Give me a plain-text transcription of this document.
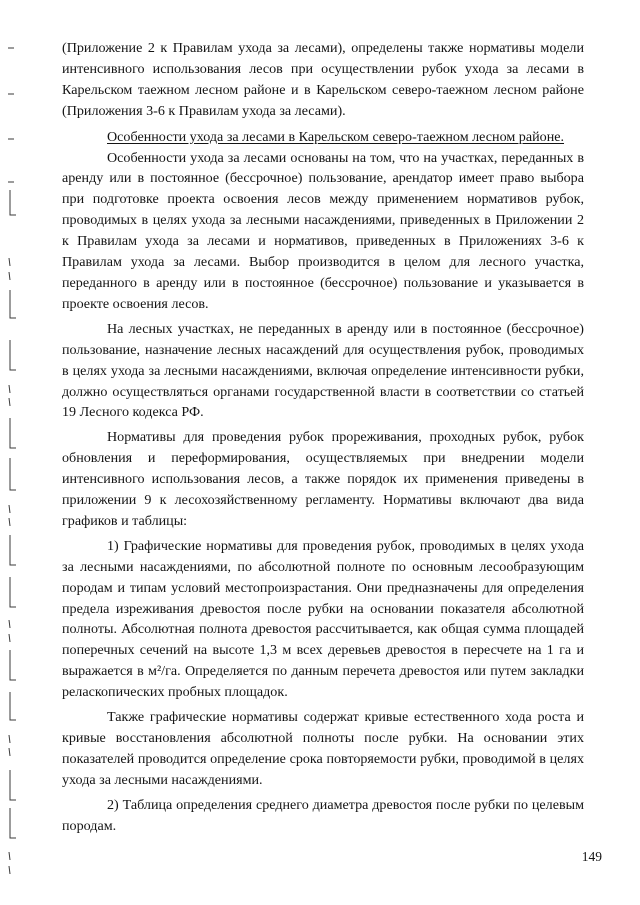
(Приложение 2 к Правилам ухода за лесами), определены также нормативы модели интенсивного использования лесов при осуществлении рубок ухода за лесами в Карельском таежном лесном районе и в Карельском северо-таежном лесном районе (Приложения 3-6 к Правилам ухода за лесами).

Особенности ухода за лесами в Карельском северо-таежном лесном районе.

Особенности ухода за лесами основаны на том, что на участках, переданных в аренду или в постоянное (бессрочное) пользование, арендатор имеет право выбора при подготовке проекта освоения лесов между применением нормативов рубок, проводимых в целях ухода за лесными насаждениями, приведенных в Приложении 2 к Правилам ухода за лесами и нормативов, приведенных в Приложениях 3-6 к Правилам ухода за лесами. Выбор производится в целом для лесного участка, переданного в аренду или в постоянное (бессрочное) пользование и указывается в проекте освоения лесов.

На лесных участках, не переданных в аренду или в постоянное (бессрочное) пользование, назначение лесных насаждений для осуществления рубок, проводимых в целях ухода за лесными насаждениями, включая определение интенсивности рубки, должно осуществляться органами государственной власти в соответствии со статьей 19 Лесного кодекса РФ.

Нормативы для проведения рубок прореживания, проходных рубок, рубок обновления и переформирования, осуществляемых при внедрении модели интенсивного использования лесов, а также порядок их применения приведены в приложении 9 к лесохозяйственному регламенту. Нормативы включают два вида графиков и таблицы:

1) Графические нормативы для проведения рубок, проводимых в целях ухода за лесными насаждениями, по абсолютной полноте по основным лесообразующим породам и типам условий местопроизрастания. Они предназначены для определения предела изреживания древостоя после рубки на основании показателя абсолютной полноты. Абсолютная полнота древостоя рассчитывается, как общая сумма площадей поперечных сечений на высоте 1,3 м всех деревьев древостоя в пересчете на 1 га и выражается в м²/га. Определяется по данным перечета древостоя или путем закладки реласкопических пробных площадок.

Также графические нормативы содержат кривые естественного хода роста и кривые восстановления абсолютной полноты после рубки. На основании этих показателей проводится определение срока повторяемости рубки, проводимой в целях ухода за лесными насаждениями.

2) Таблица определения среднего диаметра древостоя после рубки по целевым породам.

149
